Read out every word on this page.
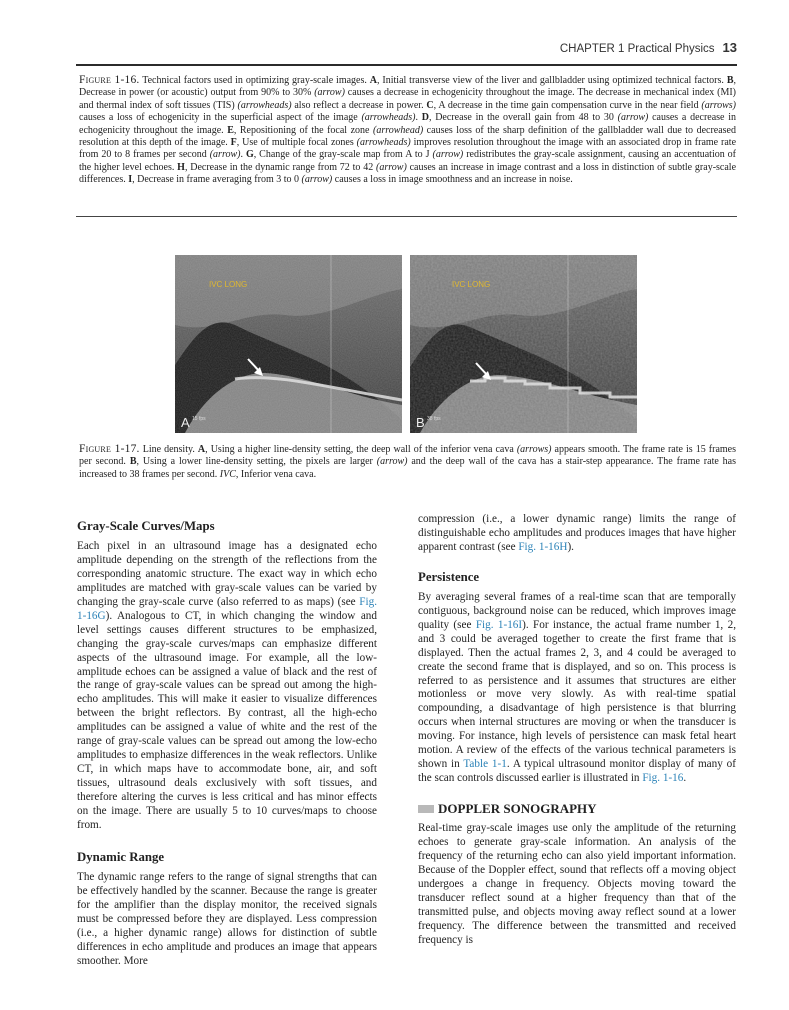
CHAPTER 1 Practical Physics 13
Figure 1-16. Technical factors used in optimizing gray-scale images. A, Initial transverse view of the liver and gallbladder using optimized technical factors. B, Decrease in power (or acoustic) output from 90% to 30% (arrow) causes a decrease in echogenicity throughout the image. The decrease in mechanical index (MI) and thermal index of soft tissues (TIS) (arrowheads) also reflect a decrease in power. C, A decrease in the time gain compensation curve in the near field (arrows) causes a loss of echogenicity in the superficial aspect of the image (arrowheads). D, Decrease in the overall gain from 48 to 30 (arrow) causes a decrease in echogenicity throughout the image. E, Repositioning of the focal zone (arrowhead) causes loss of the sharp definition of the gallbladder wall due to decreased resolution at this depth of the image. F, Use of multiple focal zones (arrowheads) improves resolution throughout the image with an associated drop in frame rate from 20 to 8 frames per second (arrow). G, Change of the gray-scale map from A to J (arrow) redistributes the gray-scale assignment, causing an accentuation of the higher level echoes. H, Decrease in the dynamic range from 72 to 42 (arrow) causes an increase in image contrast and a loss in distinction of subtle gray-scale differences. I, Decrease in frame averaging from 3 to 0 (arrow) causes a loss in image smoothness and an increase in noise.
IVC LONG
A 15 fps
IVC LONG
B 38 fps
Figure 1-17. Line density. A, Using a higher line-density setting, the deep wall of the inferior vena cava (arrows) appears smooth. The frame rate is 15 frames per second. B, Using a lower line-density setting, the pixels are larger (arrow) and the deep wall of the cava has a stair-step appearance. The frame rate has increased to 38 frames per second. IVC, Inferior vena cava.
Gray-Scale Curves/Maps

Each pixel in an ultrasound image has a designated echo amplitude depending on the strength of the reflections from the corresponding anatomic structure. The exact way in which echo amplitudes are matched with gray-scale values can be varied by changing the gray-scale curve (also referred to as maps) (see Fig. 1-16G). Analogous to CT, in which changing the window and level settings causes different structures to be emphasized, changing the gray-scale curves/maps can emphasize different aspects of the ultrasound image. For example, all the low-amplitude echoes can be assigned a value of black and the rest of the range of gray-scale values can be spread out among the high-echo amplitudes. This will make it easier to visualize differences between the bright reflectors. By contrast, all the high-echo amplitudes can be assigned a value of white and the rest of the range of gray-scale values can be spread out among the low-echo amplitudes to emphasize differences in the weak reflectors. Unlike CT, in which maps have to accommodate bone, air, and soft tissues, ultrasound deals exclusively with soft tissues, and therefore altering the curves is less critical and has minor effects on the image. There are usually 5 to 10 curves/maps to choose from.

Dynamic Range

The dynamic range refers to the range of signal strengths that can be effectively handled by the scanner. Because the range is greater for the amplifier than the display monitor, the received signals must be compressed before they are displayed. Less compression (i.e., a higher dynamic range) allows for distinction of subtle differences in echo amplitude and produces an image that appears smoother. More

compression (i.e., a lower dynamic range) limits the range of distinguishable echo amplitudes and produces images that have higher apparent contrast (see Fig. 1-16H).

Persistence

By averaging several frames of a real-time scan that are temporally contiguous, background noise can be reduced, which improves image quality (see Fig. 1-16I). For instance, the actual frame number 1, 2, and 3 could be averaged together to create the first frame that is displayed. Then the actual frames 2, 3, and 4 could be averaged to create the second frame that is displayed, and so on. This process is referred to as persistence and it assumes that structures are either motionless or move very slowly. As with real-time spatial compounding, a disadvantage of high persistence is that blurring occurs when internal structures are moving or when the transducer is moving. For instance, high levels of persistence can mask fetal heart motion. A review of the effects of the various technical parameters is shown in Table 1-1. A typical ultrasound monitor display of many of the scan controls discussed earlier is illustrated in Fig. 1-16.

DOPPLER SONOGRAPHY

Real-time gray-scale images use only the amplitude of the returning echoes to generate gray-scale information. An analysis of the frequency of the returning echo can also yield important information. Because of the Doppler effect, sound that reflects off a moving object undergoes a change in frequency. Objects moving toward the transducer reflect sound at a higher frequency than that of the transmitted pulse, and objects moving away reflect sound at a lower frequency. The difference between the transmitted and received frequency is
